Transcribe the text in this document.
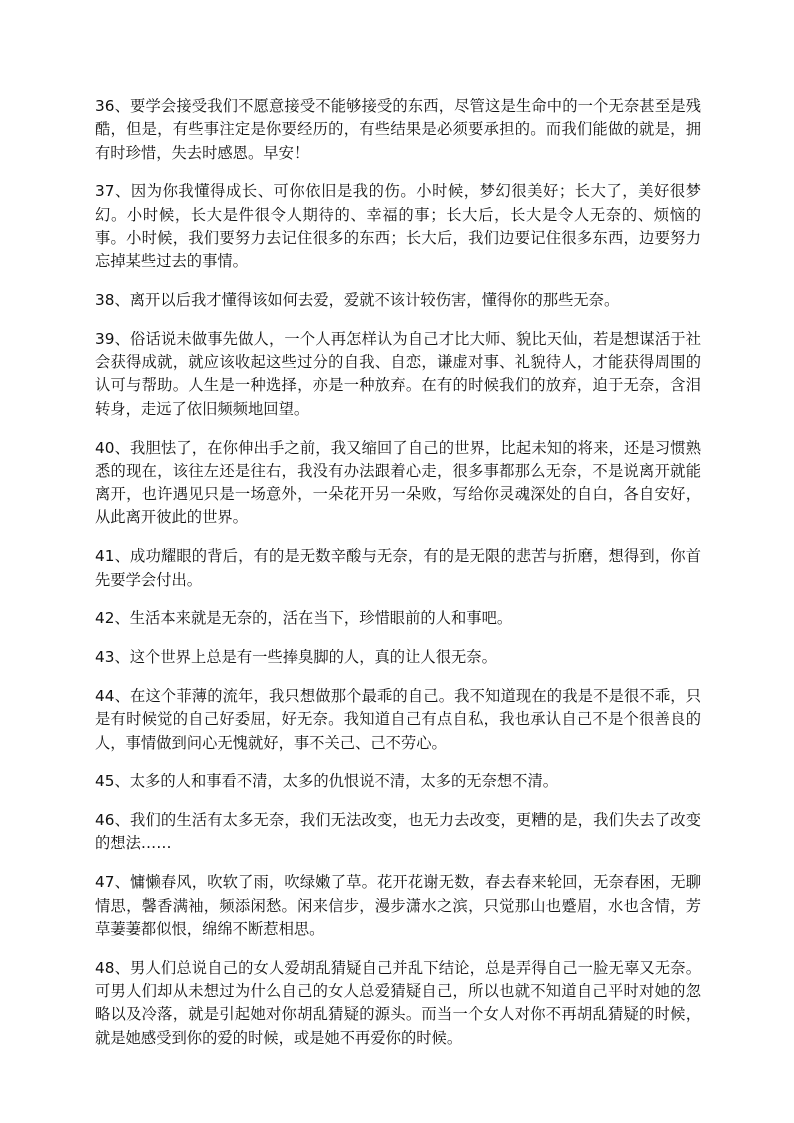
36、要学会接受我们不愿意接受不能够接受的东西，尽管这是生命中的一个无奈甚至是残酷，但是，有些事注定是你要经历的，有些结果是必须要承担的。而我们能做的就是，拥有时珍惜，失去时感恩。早安！

37、因为你我懂得成长、可你依旧是我的伤。小时候，梦幻很美好；长大了，美好很梦幻。小时候，长大是件很令人期待的、幸福的事；长大后，长大是令人无奈的、烦恼的事。小时候，我们要努力去记住很多的东西；长大后，我们边要记住很多东西，边要努力忘掉某些过去的事情。

38、离开以后我才懂得该如何去爱，爱就不该计较伤害，懂得你的那些无奈。

39、俗话说未做事先做人，一个人再怎样认为自己才比大师、貌比天仙，若是想谋活于社会获得成就，就应该收起这些过分的自我、自恋，谦虚对事、礼貌待人，才能获得周围的认可与帮助。人生是一种选择，亦是一种放弃。在有的时候我们的放弃，迫于无奈，含泪转身，走远了依旧频频地回望。

40、我胆怯了，在你伸出手之前，我又缩回了自己的世界，比起未知的将来，还是习惯熟悉的现在，该往左还是往右，我没有办法跟着心走，很多事都那么无奈，不是说离开就能离开，也许遇见只是一场意外，一朵花开另一朵败，写给你灵魂深处的自白，各自安好，从此离开彼此的世界。

41、成功耀眼的背后，有的是无数辛酸与无奈，有的是无限的悲苦与折磨，想得到，你首先要学会付出。

42、生活本来就是无奈的，活在当下，珍惜眼前的人和事吧。

43、这个世界上总是有一些捧臭脚的人，真的让人很无奈。

44、在这个菲薄的流年，我只想做那个最乖的自己。我不知道现在的我是不是很不乖，只是有时候觉的自己好委屈，好无奈。我知道自己有点自私，我也承认自己不是个很善良的人，事情做到问心无愧就好，事不关己、己不劳心。

45、太多的人和事看不清，太多的仇恨说不清，太多的无奈想不清。

46、我们的生活有太多无奈，我们无法改变，也无力去改变，更糟的是，我们失去了改变的想法……

47、慵懒春风，吹软了雨，吹绿嫩了草。花开花谢无数，春去春来轮回，无奈春困，无聊情思，馨香满袖，频添闲愁。闲来信步，漫步潇水之滨，只觉那山也蹙眉，水也含情，芳草萋萋都似恨，绵绵不断惹相思。

48、男人们总说自己的女人爱胡乱猜疑自己并乱下结论，总是弄得自己一脸无辜又无奈。可男人们却从未想过为什么自己的女人总爱猜疑自己，所以也就不知道自己平时对她的忽略以及冷落，就是引起她对你胡乱猜疑的源头。而当一个女人对你不再胡乱猜疑的时候，就是她感受到你的爱的时候，或是她不再爱你的时候。
